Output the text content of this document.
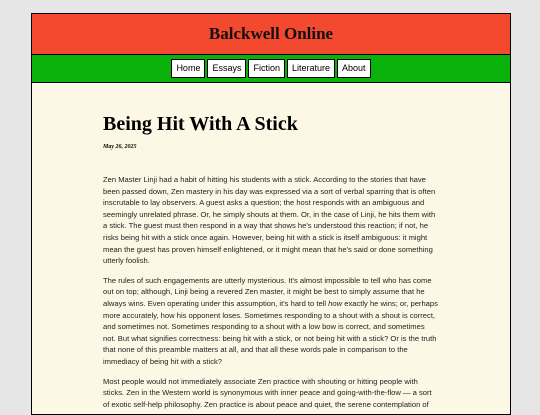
Balckwell Online
Home	Essays	Fiction	Literature	About
Being Hit With A Stick

May 26, 2025

Zen Master Linji had a habit of hitting his students with a stick. According to the stories that have been passed down, Zen mastery in his day was expressed via a sort of verbal sparring that is often inscrutable to lay observers. A guest asks a question; the host responds with an ambiguous and seemingly unrelated phrase. Or, he simply shouts at them. Or, in the case of Linji, he hits them with a stick. The guest must then respond in a way that shows he's understood this reaction; if not, he risks being hit with a stick once again. However, being hit with a stick is itself ambiguous: it might mean the guest has proven himself enlightened, or it might mean that he's said or done something utterly foolish.

The rules of such engagements are utterly mysterious. It's almost impossible to tell who has come out on top; although, Linji being a revered Zen master, it might be best to simply assume that he always wins. Even operating under this assumption, it's hard to tell how exactly he wins; or, perhaps more accurately, how his opponent loses. Sometimes responding to a shout with a shout is correct, and sometimes not. Sometimes responding to a shout with a low bow is correct, and sometimes not. But what signifies correctness: being hit with a stick, or not being hit with a stick? Or is the truth that none of this preamble matters at all, and that all these words pale in comparison to the immediacy of being hit with a stick?

Most people would not immediately associate Zen practice with shouting or hitting people with sticks. Zen in the Western world is synonymous with inner peace and going-with-the-flow — a sort of exotic self-help philosophy. Zen practice is about peace and quiet, the serene contemplation of
